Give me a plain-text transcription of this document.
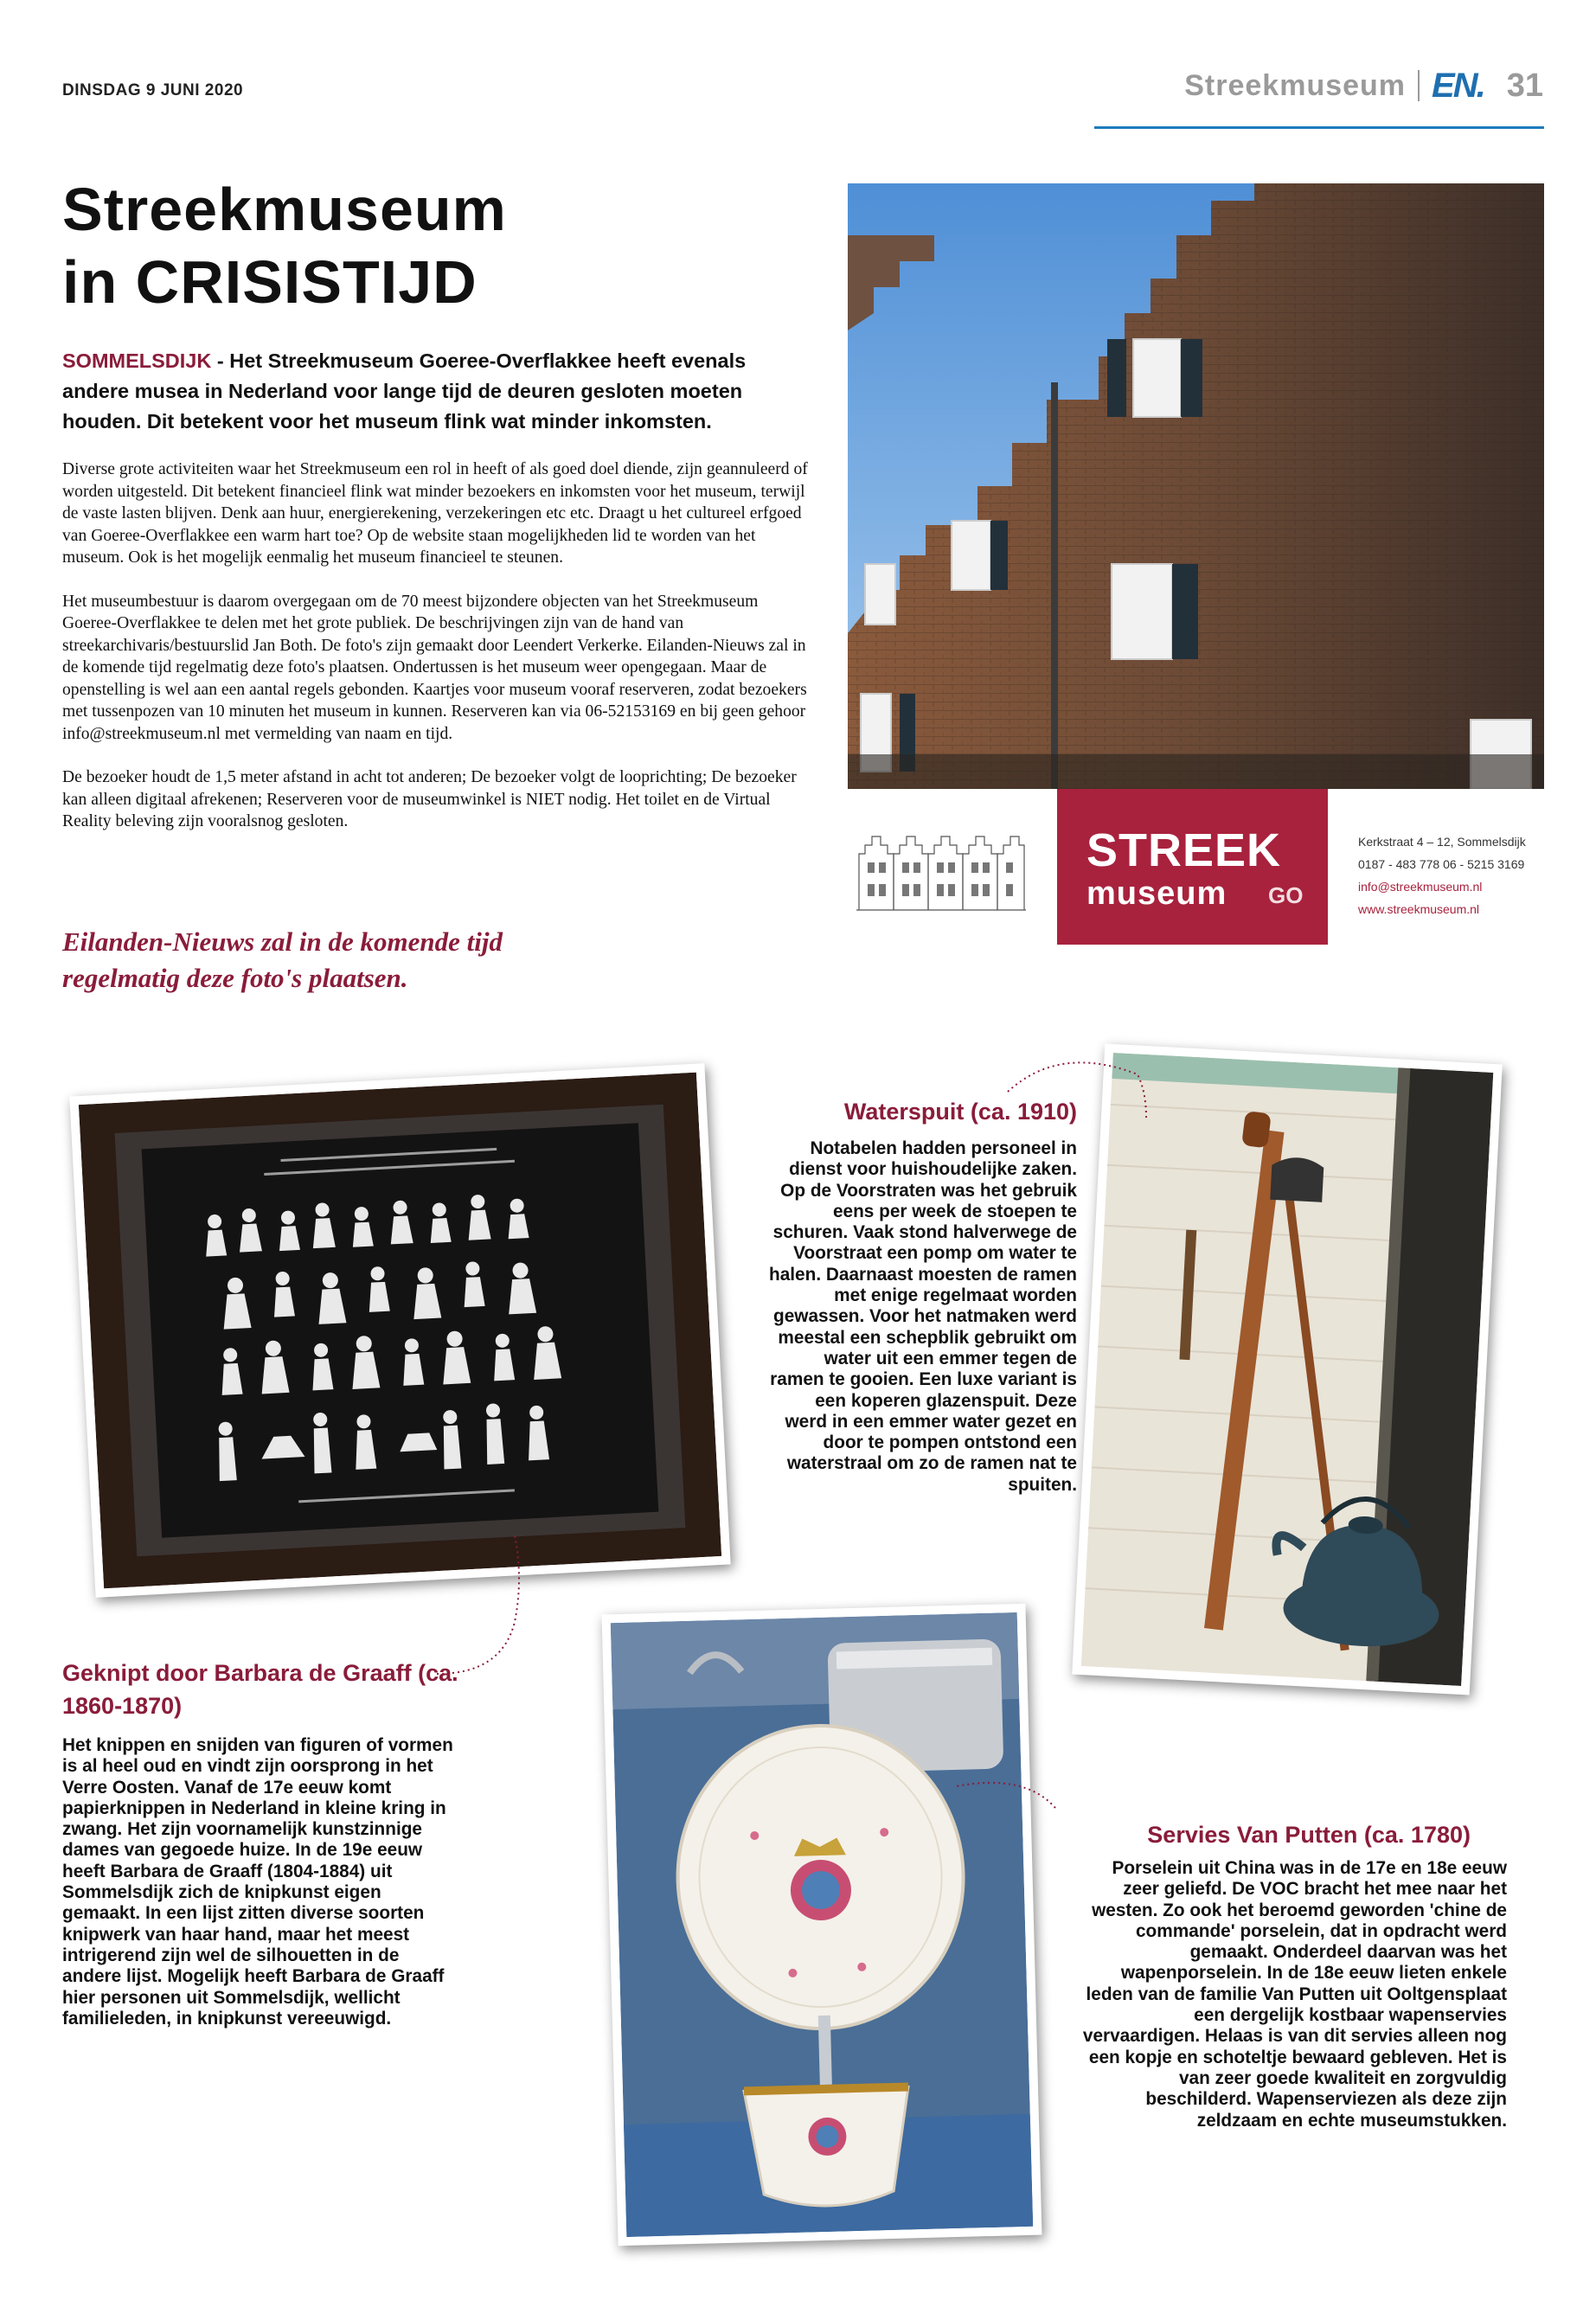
DINSDAG 9 JUNI 2020	Streekmuseum EN. 31
Streekmuseum
in CRISISTIJD
SOMMELSDIJK - Het Streekmuseum Goeree-Overflakkee heeft evenals andere musea in Nederland voor lange tijd de deuren gesloten moeten houden. Dit betekent voor het museum flink wat minder inkomsten.

Diverse grote activiteiten waar het Streekmuseum een rol in heeft of als goed doel diende, zijn geannuleerd of worden uitgesteld. Dit betekent financieel flink wat minder bezoekers en inkomsten voor het museum, terwijl de vaste lasten blijven. Denk aan huur, energierekening, verzekeringen etc etc. Draagt u het cultureel erfgoed van Goeree-Overflakkee een warm hart toe? Op de website staan mogelijkheden lid te worden van het museum. Ook is het mogelijk eenmalig het museum financieel te steunen.

Het museumbestuur is daarom overgegaan om de 70 meest bijzondere objecten van het Streekmuseum Goeree-Overflakkee te delen met het grote publiek. De beschrijvingen zijn van de hand van streekarchivaris/bestuurslid Jan Both. De foto's zijn gemaakt door Leendert Verkerke. Eilanden-Nieuws zal in de komende tijd regelmatig deze foto's plaatsen. Ondertussen is het museum weer opengegaan. Maar de openstelling is wel aan een aantal regels gebonden. Kaartjes voor museum vooraf reserveren, zodat bezoekers met tussenpozen van 10 minuten het museum in kunnen. Reserveren kan via 06-52153169 en bij geen gehoor info@streekmuseum.nl met vermelding van naam en tijd.

De bezoeker houdt de 1,5 meter afstand in acht tot anderen; De bezoeker volgt de looprichting; De bezoeker kan alleen digitaal afrekenen; Reserveren voor de museumwinkel is NIET nodig. Het toilet en de Virtual Reality beleving zijn vooralsnog gesloten.

Eilanden-Nieuws zal in de komende tijd regelmatig deze foto's plaatsen.
STREEK
museum GO
Kerkstraat 4 – 12, Sommelsdijk
0187 - 483 778 06 - 5215 3169
info@streekmuseum.nl
www.streekmuseum.nl
Waterspuit (ca. 1910)
Notabelen hadden personeel in dienst voor huishoudelijke zaken. Op de Voorstraten was het gebruik eens per week de stoepen te schuren. Vaak stond halverwege de Voorstraat een pomp om water te halen. Daarnaast moesten de ramen met enige regelmaat worden gewassen. Voor het natmaken werd meestal een schepblik gebruikt om water uit een emmer tegen de ramen te gooien. Een luxe variant is een koperen glazenspuit. Deze werd in een emmer water gezet en door te pompen ontstond een waterstraal om zo de ramen nat te spuiten.
Geknipt door Barbara de Graaff (ca. 1860-1870)
Het knippen en snijden van figuren of vormen is al heel oud en vindt zijn oorsprong in het Verre Oosten. Vanaf de 17e eeuw komt papierknippen in Nederland in kleine kring in zwang. Het zijn voornamelijk kunstzinnige dames van gegoede huize. In de 19e eeuw heeft Barbara de Graaff (1804-1884) uit Sommelsdijk zich de knipkunst eigen gemaakt. In een lijst zitten diverse soorten knipwerk van haar hand, maar het meest intrigerend zijn wel de silhouetten in de andere lijst. Mogelijk heeft Barbara de Graaff hier personen uit Sommelsdijk, wellicht familieleden, in knipkunst vereeuwigd.
Servies Van Putten (ca. 1780)
Porselein uit China was in de 17e en 18e eeuw zeer geliefd. De VOC bracht het mee naar het westen. Zo ook het beroemd geworden 'chine de commande' porselein, dat in opdracht werd gemaakt. Onderdeel daarvan was het wapenporselein. In de 18e eeuw lieten enkele leden van de familie Van Putten uit Ooltgensplaat een dergelijk kostbaar wapenservies vervaardigen. Helaas is van dit servies alleen nog een kopje en schoteltje bewaard gebleven. Het is van zeer goede kwaliteit en zorgvuldig beschilderd. Wapenserviezen als deze zijn zeldzaam en echte museumstukken.
